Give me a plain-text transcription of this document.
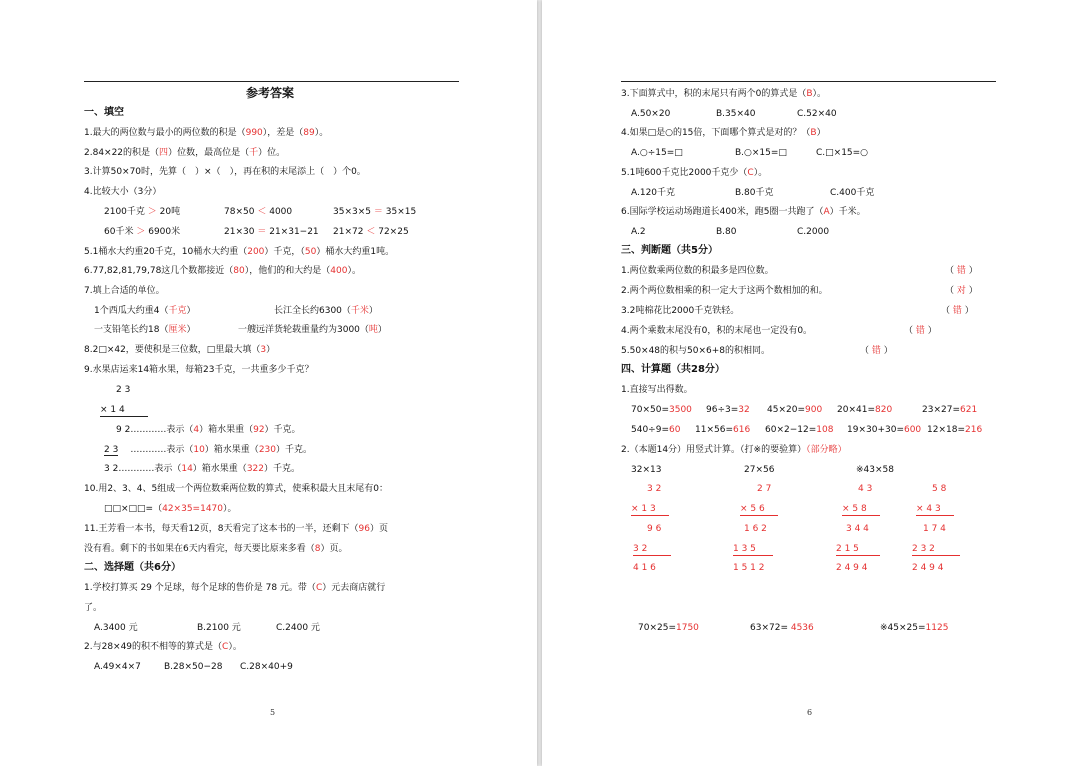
参考答案
一、填空
1.最大的两位数与最小的两位数的积是（990），差是（89）。
2.84×22的积是（四）位数，最高位是（千）位。
3.计算50×70时，先算（　）×（　），再在积的末尾添上（　）个0。
4.比较大小（3分）
2100千克 ＞ 20吨	78×50 ＜ 4000	35×3×5 ＝ 35×15
60千米 ＞ 6900米	21×30 ＝ 21×31−21 21×72 ＜ 72×25
5.1桶水大约重20千克，10桶水大约重（200）千克，（50）桶水大约重1吨。
6.77,82,81,79,78这几个数都接近（80），他们的和大约是（400）。
7.填上合适的单位。
1个西瓜大约重4（千克）	长江全长约6300（千米）
一支铅笔长约18（厘米）	一艘远洋货轮载重量约为3000（吨）
8.2□×42，要使积是三位数，□里最大填（3）
9.水果店运来14箱水果，每箱23千克，一共重多少千克？
2 3
× 1 4
9 2…………表示（4）箱水果重（92）千克。
2 3 …………表示（10）箱水果重（230）千克。
3 2…………表示（14）箱水果重（322）千克。
10.用2、3、4、5组成一个两位数乘两位数的算式，使乘积最大且末尾有0：
□□×□□=（42×35=1470）。
11.王芳看一本书，每天看12页，8天看完了这本书的一半，还剩下（96）页
没有看。剩下的书如果在6天内看完，每天要比原来多看（8）页。
二、选择题（共6分）
1.学校打算买 29 个足球，每个足球的售价是 78 元。带（C）元去商店就行
了。
A.3400 元	B.2100 元	C.2400 元
2.与28×49的积不相等的算式是（C）。
A.49×4×7	B.28×50−28 C.28×40+9
5
3.下面算式中，积的末尾只有两个0的算式是（B）。
A.50×20	B.35×40	C.52×40
4.如果□是○的15倍，下面哪个算式是对的？（B）
A.○÷15=□	B.○×15=□	C.□×15=○
5.1吨600千克比2000千克少（C）。
A.120千克	B.80千克	C.400千克
6.国际学校运动场跑道长400米，跑5圈一共跑了（A）千米。
A.2	B.80	C.2000
三、判断题（共5分）
1.两位数乘两位数的积最多是四位数。	（ 错 ）
2.两个两位数相乘的积一定大于这两个数相加的和。	（ 对 ）
3.2吨棉花比2000千克铁轻。	（ 错 ）
4.两个乘数末尾没有0，积的末尾也一定没有0。	（ 错 ）
5.50×48的积与50×6+8的积相同。	（ 错 ）
四、计算题（共28分）
1.直接写出得数。
70×50=3500 96÷3=32 45×20=900 20×41=820	23×27=621
540÷9=60 11×56=616 60×2−12=108 19×30+30=600 12×18=216
2.（本题14分）用竖式计算。（打※的要验算）（部分略）
32×13	27×56	※43×58
3 2
× 1 3
9 6
3 2
4 1 6
2 7
× 5 6
1 6 2
1 3 5
1 5 1 2
4 3
× 5 8
3 4 4
2 1 5
2 4 9 4
5 8
× 4 3
1 7 4
2 3 2
2 4 9 4
70×25=1750	63×72= 4536	※45×25=1125
6
